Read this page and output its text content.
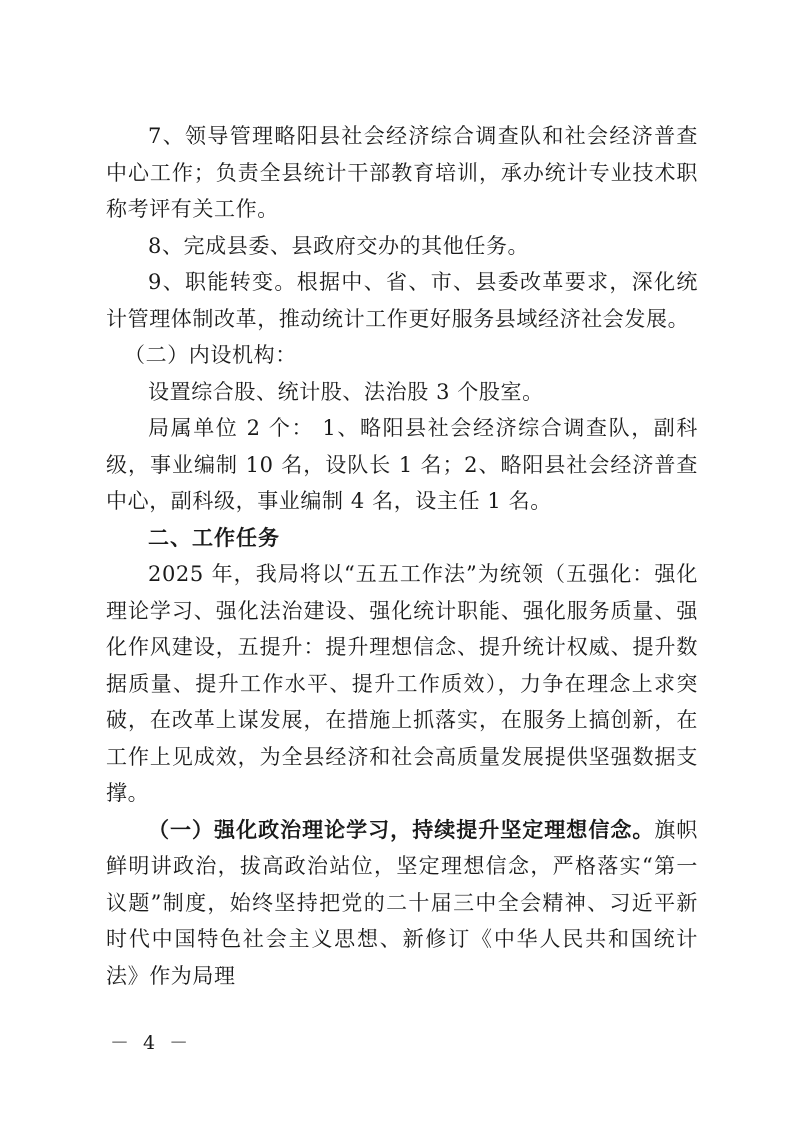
7、领导管理略阳县社会经济综合调查队和社会经济普查中心工作；负责全县统计干部教育培训，承办统计专业技术职称考评有关工作。

8、完成县委、县政府交办的其他任务。

9、职能转变。根据中、省、市、县委改革要求，深化统计管理体制改革，推动统计工作更好服务县域经济社会发展。

（二）内设机构：

设置综合股、统计股、法治股 3 个股室。

局属单位 2 个： 1、略阳县社会经济综合调查队，副科级，事业编制 10 名，设队长 1 名；2、略阳县社会经济普查中心，副科级，事业编制 4 名，设主任 1 名。

二、工作任务

2025 年，我局将以“五五工作法”为统领（五强化：强化理论学习、强化法治建设、强化统计职能、强化服务质量、强化作风建设，五提升：提升理想信念、提升统计权威、提升数据质量、提升工作水平、提升工作质效），力争在理念上求突破，在改革上谋发展，在措施上抓落实，在服务上搞创新，在工作上见成效，为全县经济和社会高质量发展提供坚强数据支撑。

（一）强化政治理论学习，持续提升坚定理想信念。旗帜鲜明讲政治，拔高政治站位，坚定理想信念，严格落实“第一议题”制度，始终坚持把党的二十届三中全会精神、习近平新时代中国特色社会主义思想、新修订《中华人民共和国统计法》作为局理

－ 4 －
